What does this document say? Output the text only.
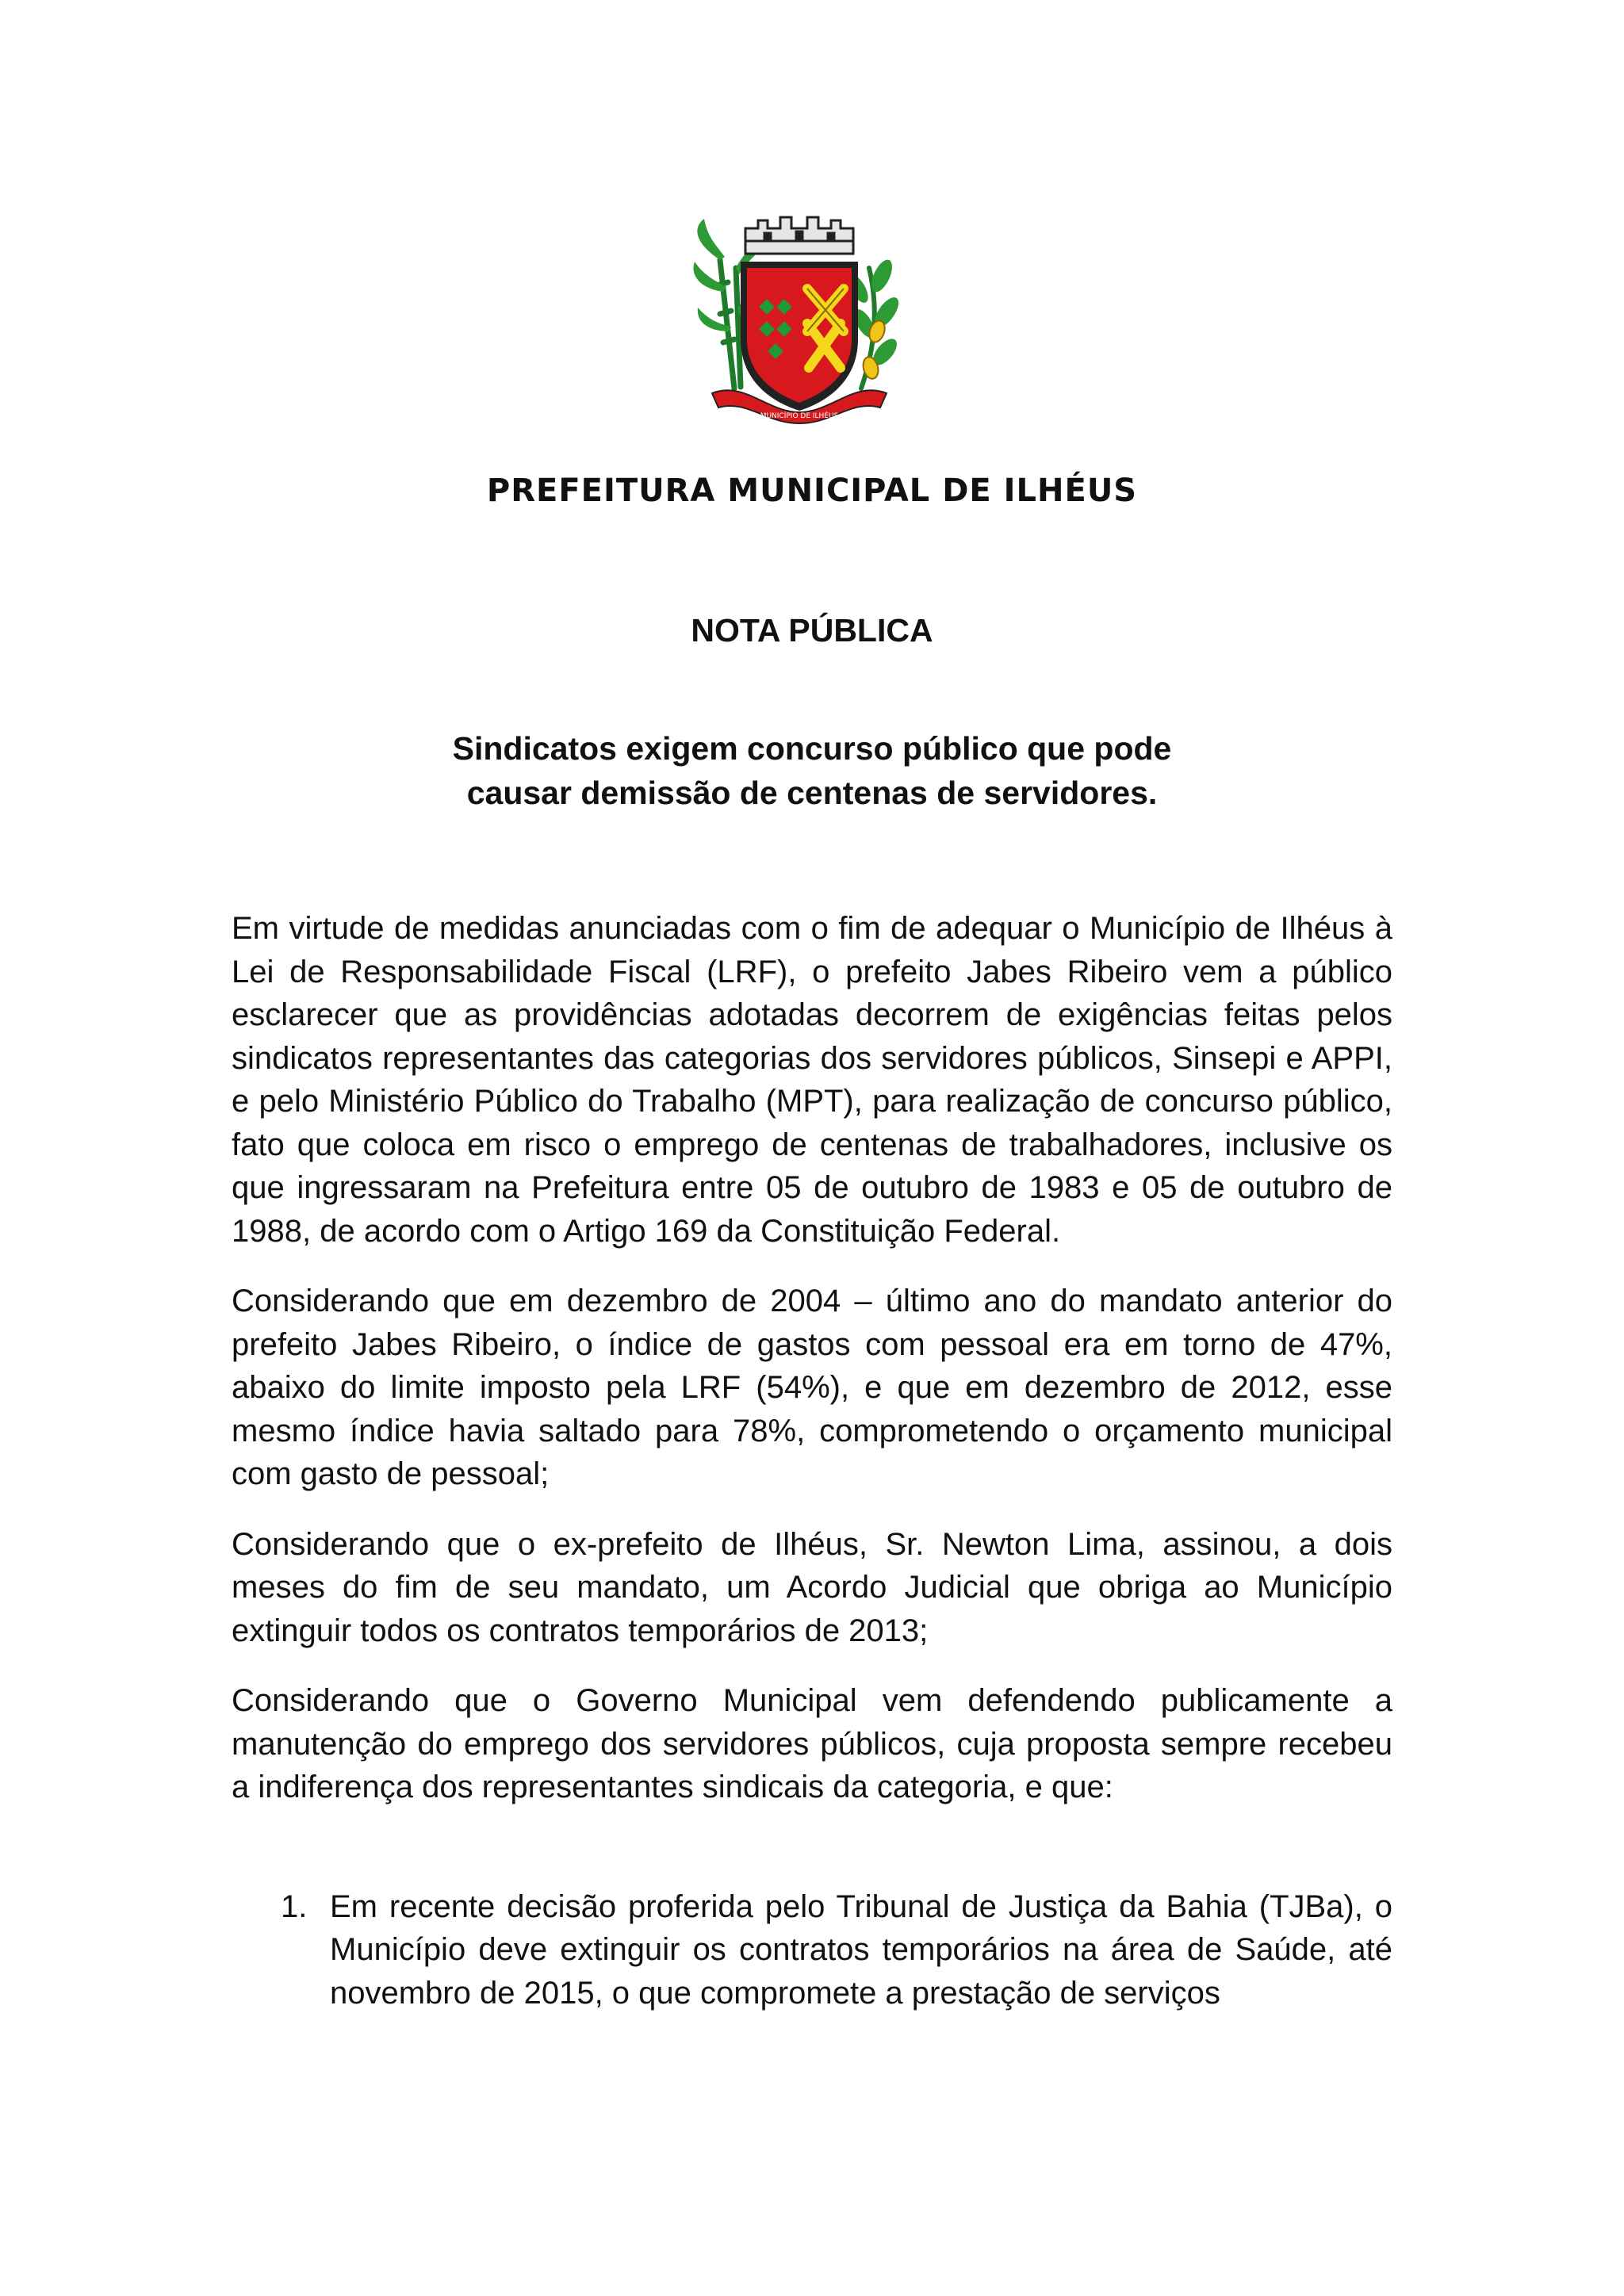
MUNICÍPIO DE ILHÉUS
PREFEITURA MUNICIPAL DE ILHÉUS
NOTA PÚBLICA
Sindicatos exigem concurso público que pode
causar demissão de centenas de servidores.

Em virtude de medidas anunciadas com o fim de adequar o Município de Ilhéus à Lei de Responsabilidade Fiscal (LRF), o prefeito Jabes Ribeiro vem a público esclarecer que as providências adotadas decorrem de exigências feitas pelos sindicatos representantes das categorias dos servidores públicos, Sinsepi e APPI, e pelo Ministério Público do Trabalho (MPT), para realização de concurso público, fato que coloca em risco o emprego de centenas de trabalhadores, inclusive os que ingressaram na Prefeitura entre 05 de outubro de 1983 e 05 de outubro de 1988, de acordo com o Artigo 169 da Constituição Federal.

Considerando que em dezembro de 2004 – último ano do mandato anterior do prefeito Jabes Ribeiro, o índice de gastos com pessoal era em torno de 47%, abaixo do limite imposto pela LRF (54%), e que em dezembro de 2012, esse mesmo índice havia saltado para 78%, comprometendo o orçamento municipal com gasto de pessoal;

Considerando que o ex-prefeito de Ilhéus, Sr. Newton Lima, assinou, a dois meses do fim de seu mandato, um Acordo Judicial que obriga ao Município extinguir todos os contratos temporários de 2013;

Considerando que o Governo Municipal vem defendendo publicamente a manutenção do emprego dos servidores públicos, cuja proposta sempre recebeu a indiferença dos representantes sindicais da categoria, e que:

1. Em recente decisão proferida pelo Tribunal de Justiça da Bahia (TJBa), o Município deve extinguir os contratos temporários na área de Saúde, até novembro de 2015, o que compromete a prestação de serviços
